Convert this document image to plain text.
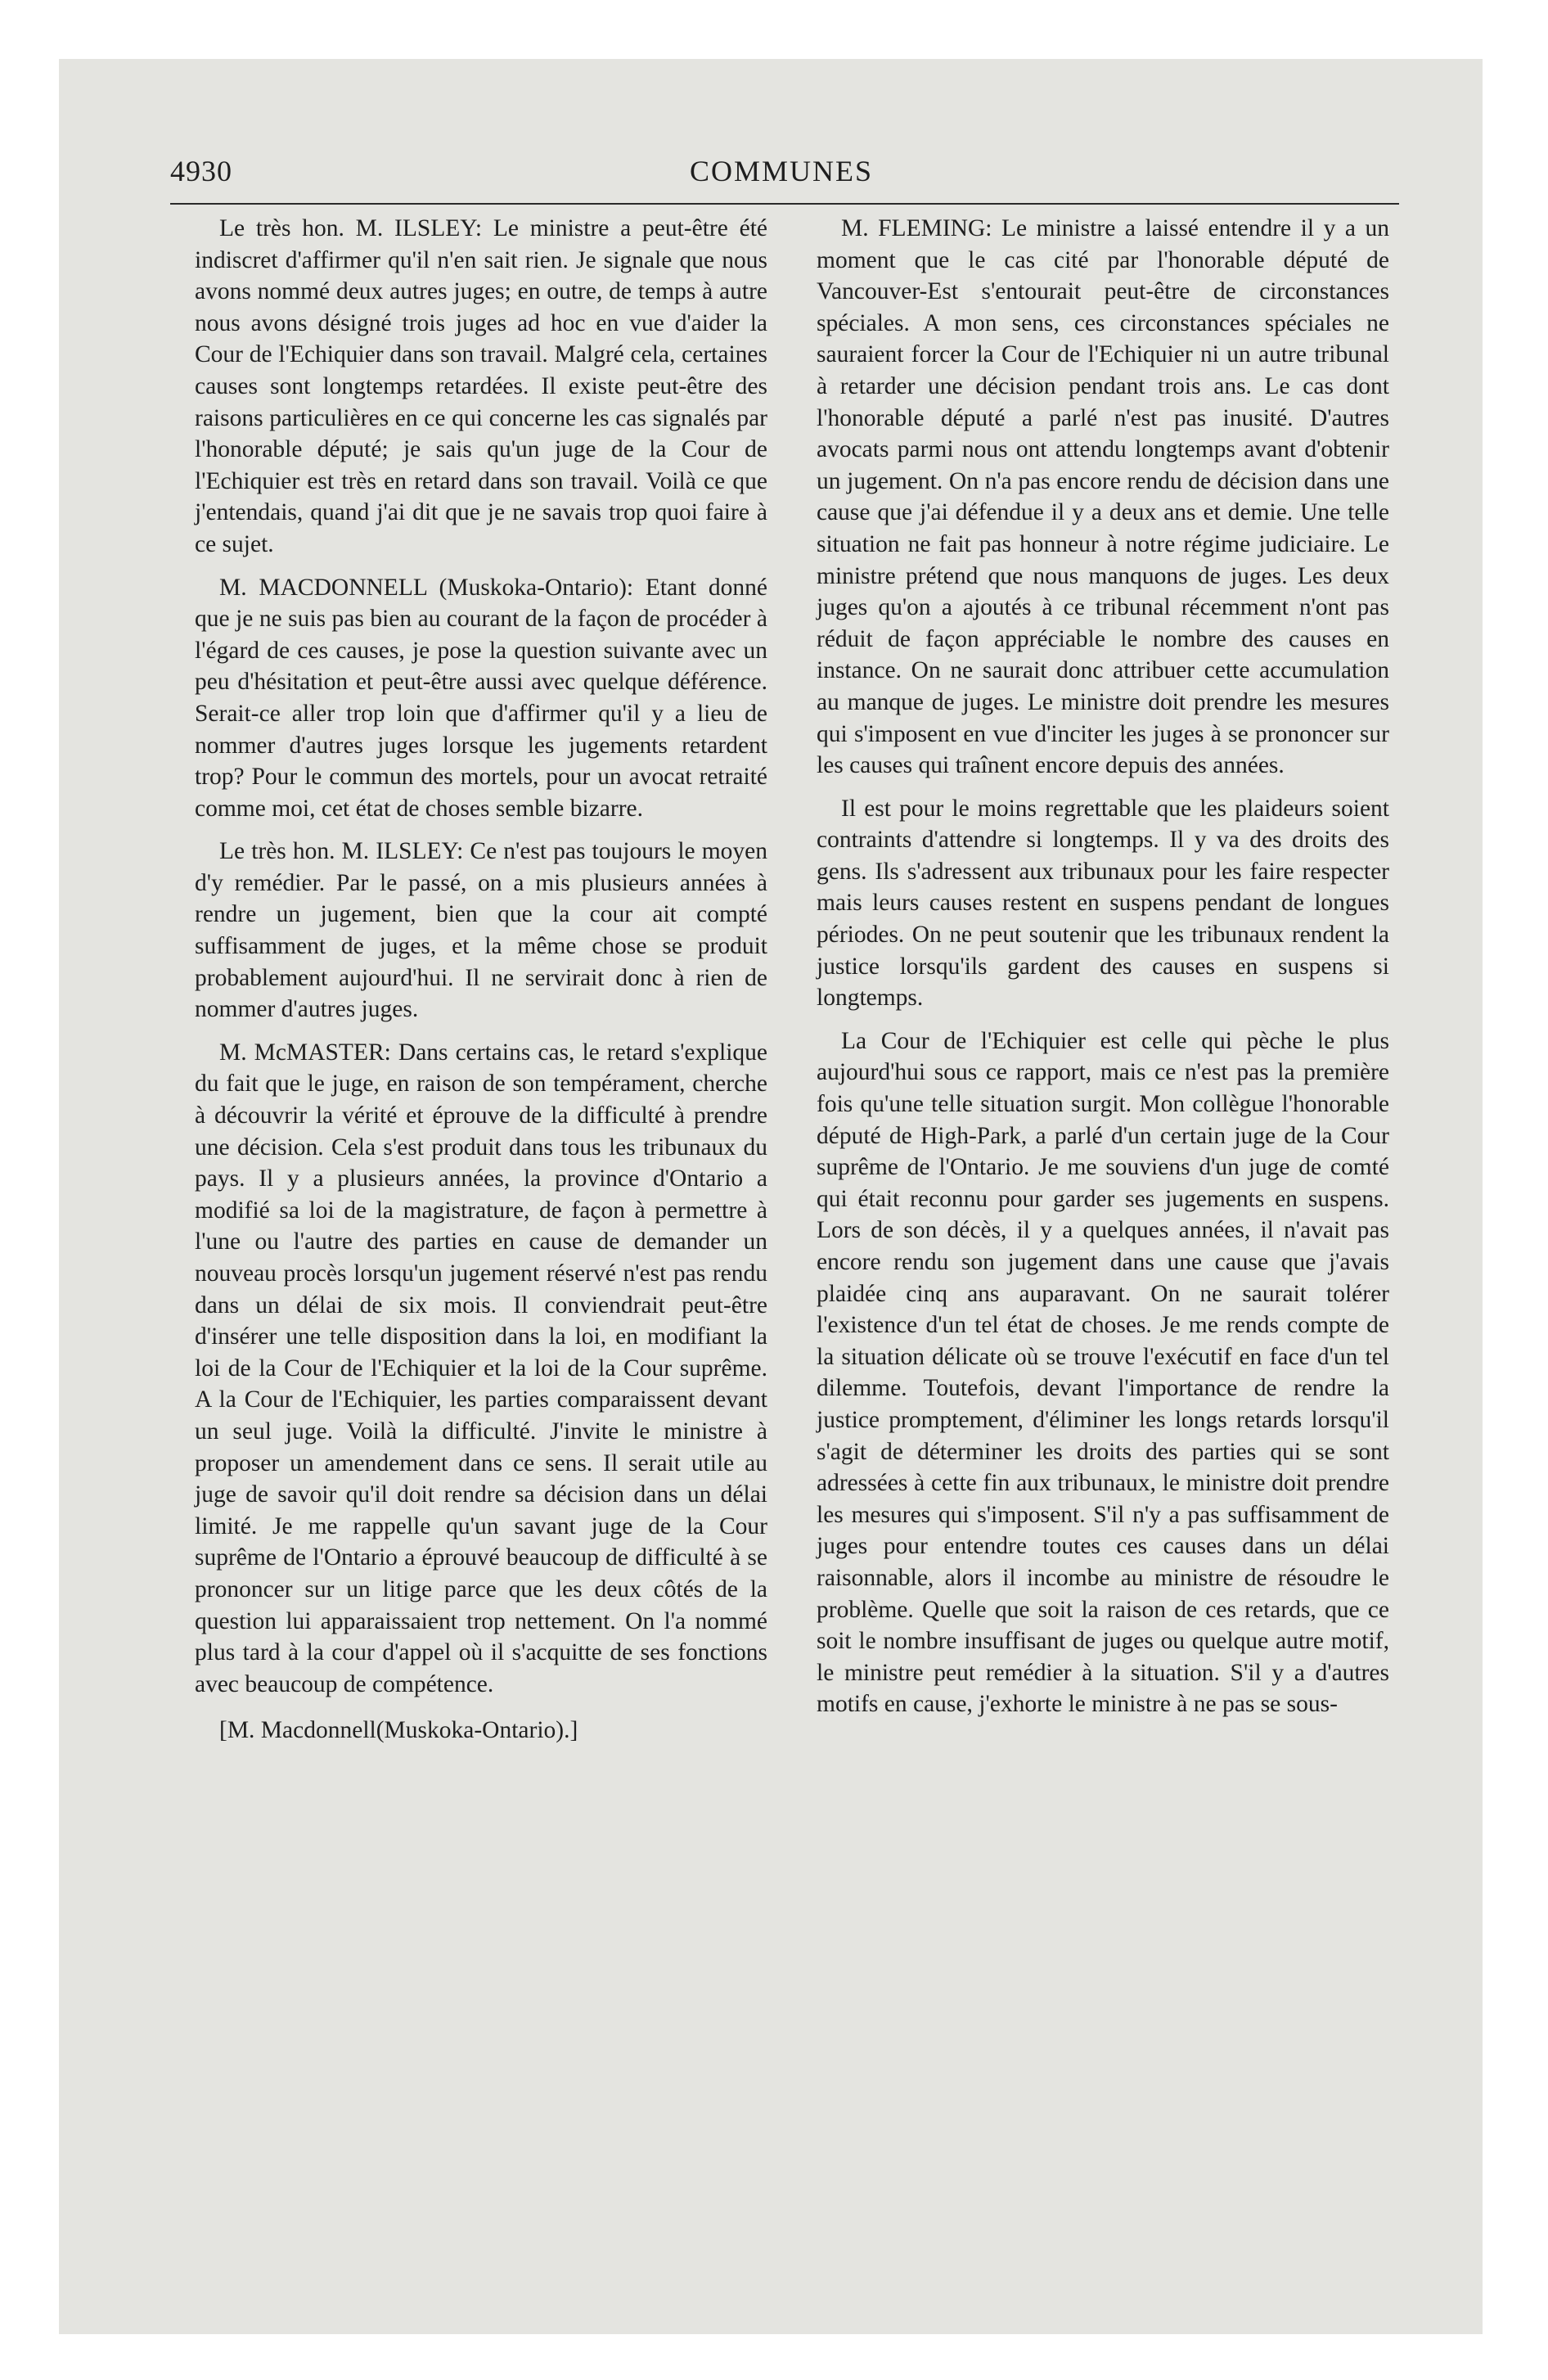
4930	COMMUNES

Le très hon. M. ILSLEY: Le ministre a peut-être été indiscret d'affirmer qu'il n'en sait rien. Je signale que nous avons nommé deux autres juges; en outre, de temps à autre nous avons désigné trois juges ad hoc en vue d'aider la Cour de l'Echiquier dans son travail. Malgré cela, certaines causes sont longtemps retardées. Il existe peut-être des raisons particulières en ce qui concerne les cas signalés par l'honorable député; je sais qu'un juge de la Cour de l'Echiquier est très en retard dans son travail. Voilà ce que j'entendais, quand j'ai dit que je ne savais trop quoi faire à ce sujet.

M. MACDONNELL (Muskoka-Ontario): Etant donné que je ne suis pas bien au courant de la façon de procéder à l'égard de ces causes, je pose la question suivante avec un peu d'hésitation et peut-être aussi avec quelque déférence. Serait-ce aller trop loin que d'affirmer qu'il y a lieu de nommer d'autres juges lorsque les jugements retardent trop? Pour le commun des mortels, pour un avocat retraité comme moi, cet état de choses semble bizarre.

Le très hon. M. ILSLEY: Ce n'est pas toujours le moyen d'y remédier. Par le passé, on a mis plusieurs années à rendre un jugement, bien que la cour ait compté suffisamment de juges, et la même chose se produit probablement aujourd'hui. Il ne servirait donc à rien de nommer d'autres juges.

M. McMASTER: Dans certains cas, le retard s'explique du fait que le juge, en raison de son tempérament, cherche à découvrir la vérité et éprouve de la difficulté à prendre une décision. Cela s'est produit dans tous les tribunaux du pays. Il y a plusieurs années, la province d'Ontario a modifié sa loi de la magistrature, de façon à permettre à l'une ou l'autre des parties en cause de demander un nouveau procès lorsqu'un jugement réservé n'est pas rendu dans un délai de six mois. Il conviendrait peut-être d'insérer une telle disposition dans la loi, en modifiant la loi de la Cour de l'Echiquier et la loi de la Cour suprême. A la Cour de l'Echiquier, les parties comparaissent devant un seul juge. Voilà la difficulté. J'invite le ministre à proposer un amendement dans ce sens. Il serait utile au juge de savoir qu'il doit rendre sa décision dans un délai limité. Je me rappelle qu'un savant juge de la Cour suprême de l'Ontario a éprouvé beaucoup de difficulté à se prononcer sur un litige parce que les deux côtés de la question lui apparaissaient trop nettement. On l'a nommé plus tard à la cour d'appel où il s'acquitte de ses fonctions avec beaucoup de compétence.

[M. Macdonnell(Muskoka-Ontario).]

M. FLEMING: Le ministre a laissé entendre il y a un moment que le cas cité par l'honorable député de Vancouver-Est s'entourait peut-être de circonstances spéciales. A mon sens, ces circonstances spéciales ne sauraient forcer la Cour de l'Echiquier ni un autre tribunal à retarder une décision pendant trois ans. Le cas dont l'honorable député a parlé n'est pas inusité. D'autres avocats parmi nous ont attendu longtemps avant d'obtenir un jugement. On n'a pas encore rendu de décision dans une cause que j'ai défendue il y a deux ans et demie. Une telle situation ne fait pas honneur à notre régime judiciaire. Le ministre prétend que nous manquons de juges. Les deux juges qu'on a ajoutés à ce tribunal récemment n'ont pas réduit de façon appréciable le nombre des causes en instance. On ne saurait donc attribuer cette accumulation au manque de juges. Le ministre doit prendre les mesures qui s'imposent en vue d'inciter les juges à se prononcer sur les causes qui traînent encore depuis des années.

Il est pour le moins regrettable que les plaideurs soient contraints d'attendre si longtemps. Il y va des droits des gens. Ils s'adressent aux tribunaux pour les faire respecter mais leurs causes restent en suspens pendant de longues périodes. On ne peut soutenir que les tribunaux rendent la justice lorsqu'ils gardent des causes en suspens si longtemps.

La Cour de l'Echiquier est celle qui pèche le plus aujourd'hui sous ce rapport, mais ce n'est pas la première fois qu'une telle situation surgit. Mon collègue l'honorable député de High-Park, a parlé d'un certain juge de la Cour suprême de l'Ontario. Je me souviens d'un juge de comté qui était reconnu pour garder ses jugements en suspens. Lors de son décès, il y a quelques années, il n'avait pas encore rendu son jugement dans une cause que j'avais plaidée cinq ans auparavant. On ne saurait tolérer l'existence d'un tel état de choses. Je me rends compte de la situation délicate où se trouve l'exécutif en face d'un tel dilemme. Toutefois, devant l'importance de rendre la justice promptement, d'éliminer les longs retards lorsqu'il s'agit de déterminer les droits des parties qui se sont adressées à cette fin aux tribunaux, le ministre doit prendre les mesures qui s'imposent. S'il n'y a pas suffisamment de juges pour entendre toutes ces causes dans un délai raisonnable, alors il incombe au ministre de résoudre le problème. Quelle que soit la raison de ces retards, que ce soit le nombre insuffisant de juges ou quelque autre motif, le ministre peut remédier à la situation. S'il y a d'autres motifs en cause, j'exhorte le ministre à ne pas se sous-
